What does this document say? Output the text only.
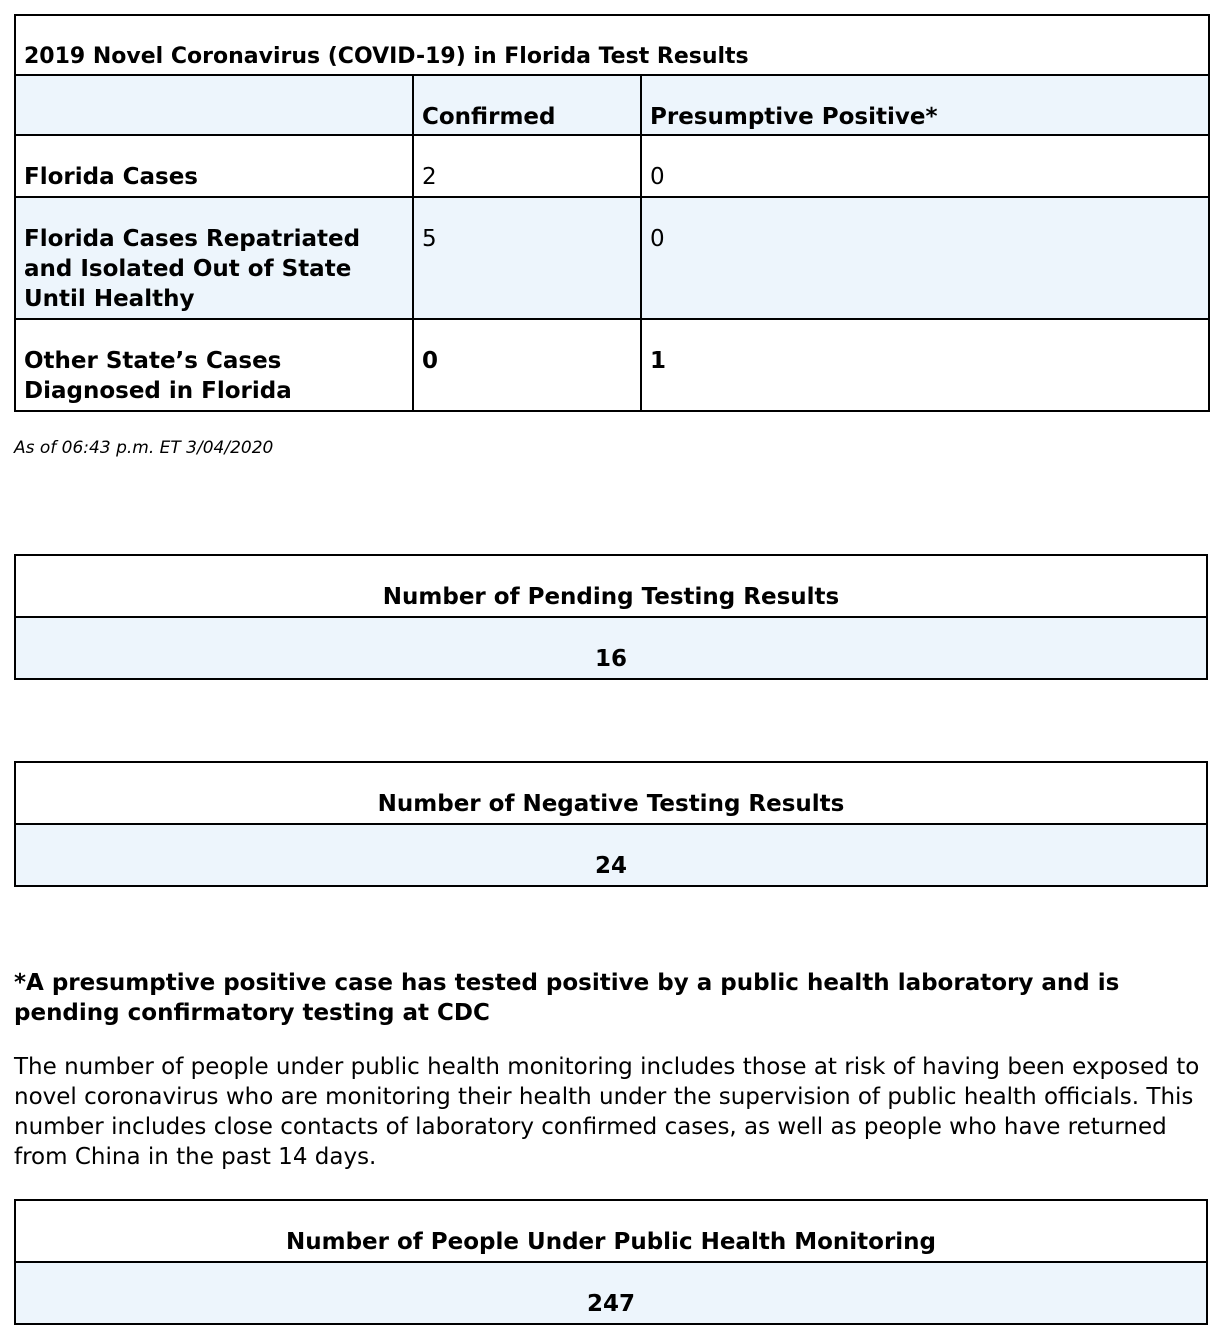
2019 Novel Coronavirus (COVID-19) in Florida Test Results		
	Confirmed	Presumptive Positive*
Florida Cases	2	0
Florida Cases Repatriated and Isolated Out of State Until Healthy	5	0
Other State’s Cases Diagnosed in Florida	0	1
As of 06:43 p.m. ET 3/04/2020
Number of Pending Testing Results
16
Number of Negative Testing Results
24

*A presumptive positive case has tested positive by a public health laboratory and is pending confirmatory testing at CDC

The number of people under public health monitoring includes those at risk of having been exposed to novel coronavirus who are monitoring their health under the supervision of public health officials. This number includes close contacts of laboratory confirmed cases, as well as people who have returned from China in the past 14 days.

Number of People Under Public Health Monitoring
247
